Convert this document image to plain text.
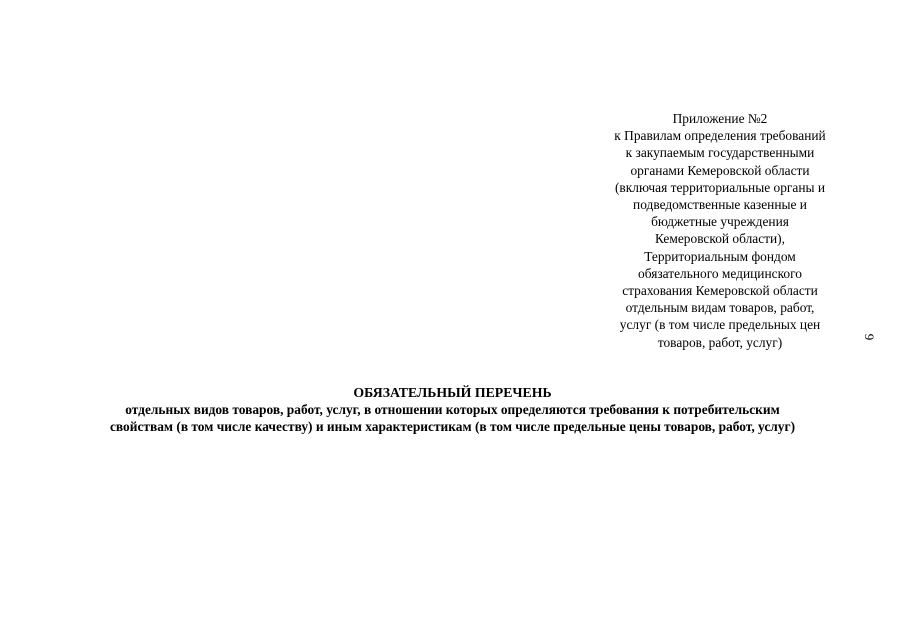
Приложение №2
к Правилам определения требований
к закупаемым государственными
органами Кемеровской области
(включая территориальные органы и
подведомственные казенные и
бюджетные учреждения
Кемеровской области),
Территориальным фондом
обязательного медицинского
страхования Кемеровской области
отдельным видам товаров, работ,
услуг (в том числе предельных цен
товаров, работ, услуг)	9
ОБЯЗАТЕЛЬНЫЙ ПЕРЕЧЕНЬ
отдельных видов товаров, работ, услуг, в отношении которых определяются требования к потребительским
свойствам (в том числе качеству) и иным характеристикам (в том числе предельные цены товаров, работ, услуг)
